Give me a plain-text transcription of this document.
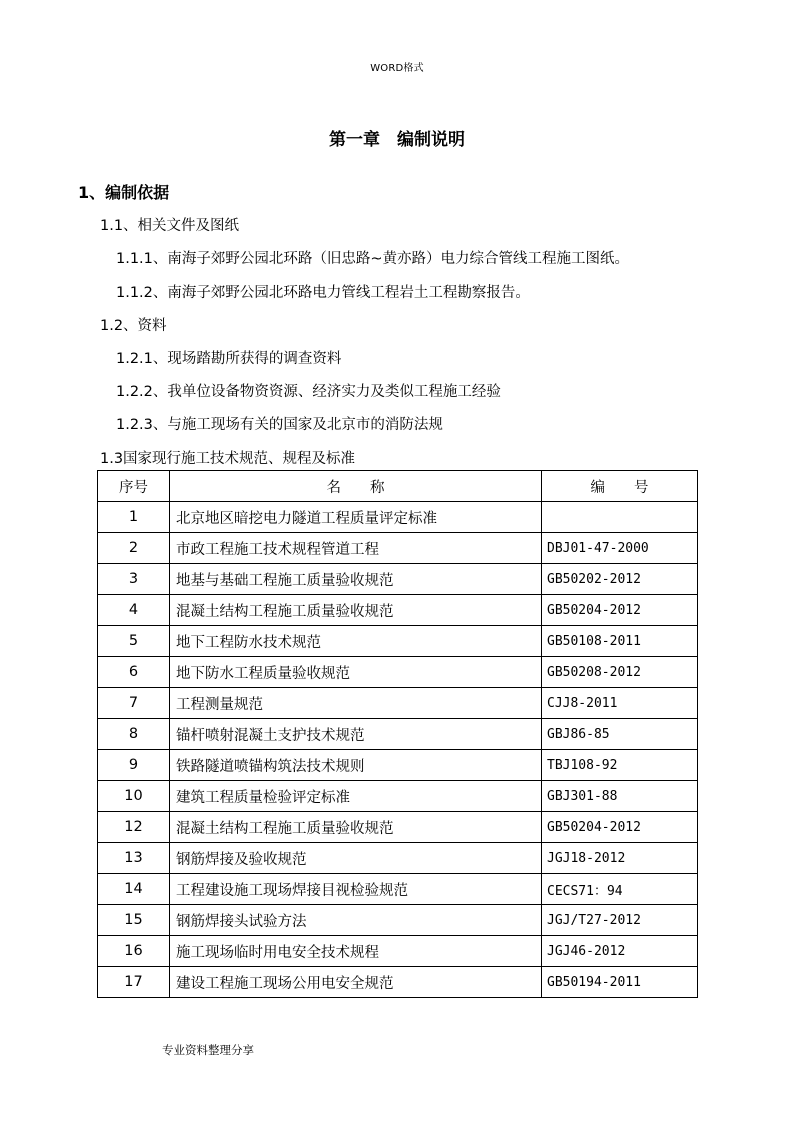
WORD格式
第一章　编制说明
1、编制依据
1.1、相关文件及图纸
1.1.1、南海子郊野公园北环路（旧忠路~黄亦路）电力综合管线工程施工图纸。
1.1.2、南海子郊野公园北环路电力管线工程岩土工程勘察报告。
1.2、资料
1.2.1、现场踏勘所获得的调查资料
1.2.2、我单位设备物资资源、经济实力及类似工程施工经验
1.2.3、与施工现场有关的国家及北京市的消防法规
1.3国家现行施工技术规范、规程及标准
序号	名　　称	编　　号
1	北京地区暗挖电力隧道工程质量评定标准	
2	市政工程施工技术规程管道工程	DBJ01-47-2000
3	地基与基础工程施工质量验收规范	GB50202-2012
4	混凝土结构工程施工质量验收规范	GB50204-2012
5	地下工程防水技术规范	GB50108-2011
6	地下防水工程质量验收规范	GB50208-2012
7	工程测量规范	CJJ8-2011
8	锚杆喷射混凝土支护技术规范	GBJ86-85
9	铁路隧道喷锚构筑法技术规则	TBJ108-92
10	建筑工程质量检验评定标准	GBJ301-88
12	混凝土结构工程施工质量验收规范	GB50204-2012
13	钢筋焊接及验收规范	JGJ18-2012
14	工程建设施工现场焊接目视检验规范	CECS71：94
15	钢筋焊接头试验方法	JGJ/T27-2012
16	施工现场临时用电安全技术规程	JGJ46-2012
17	建设工程施工现场公用电安全规范	GB50194-2011
专业资料整理分享
